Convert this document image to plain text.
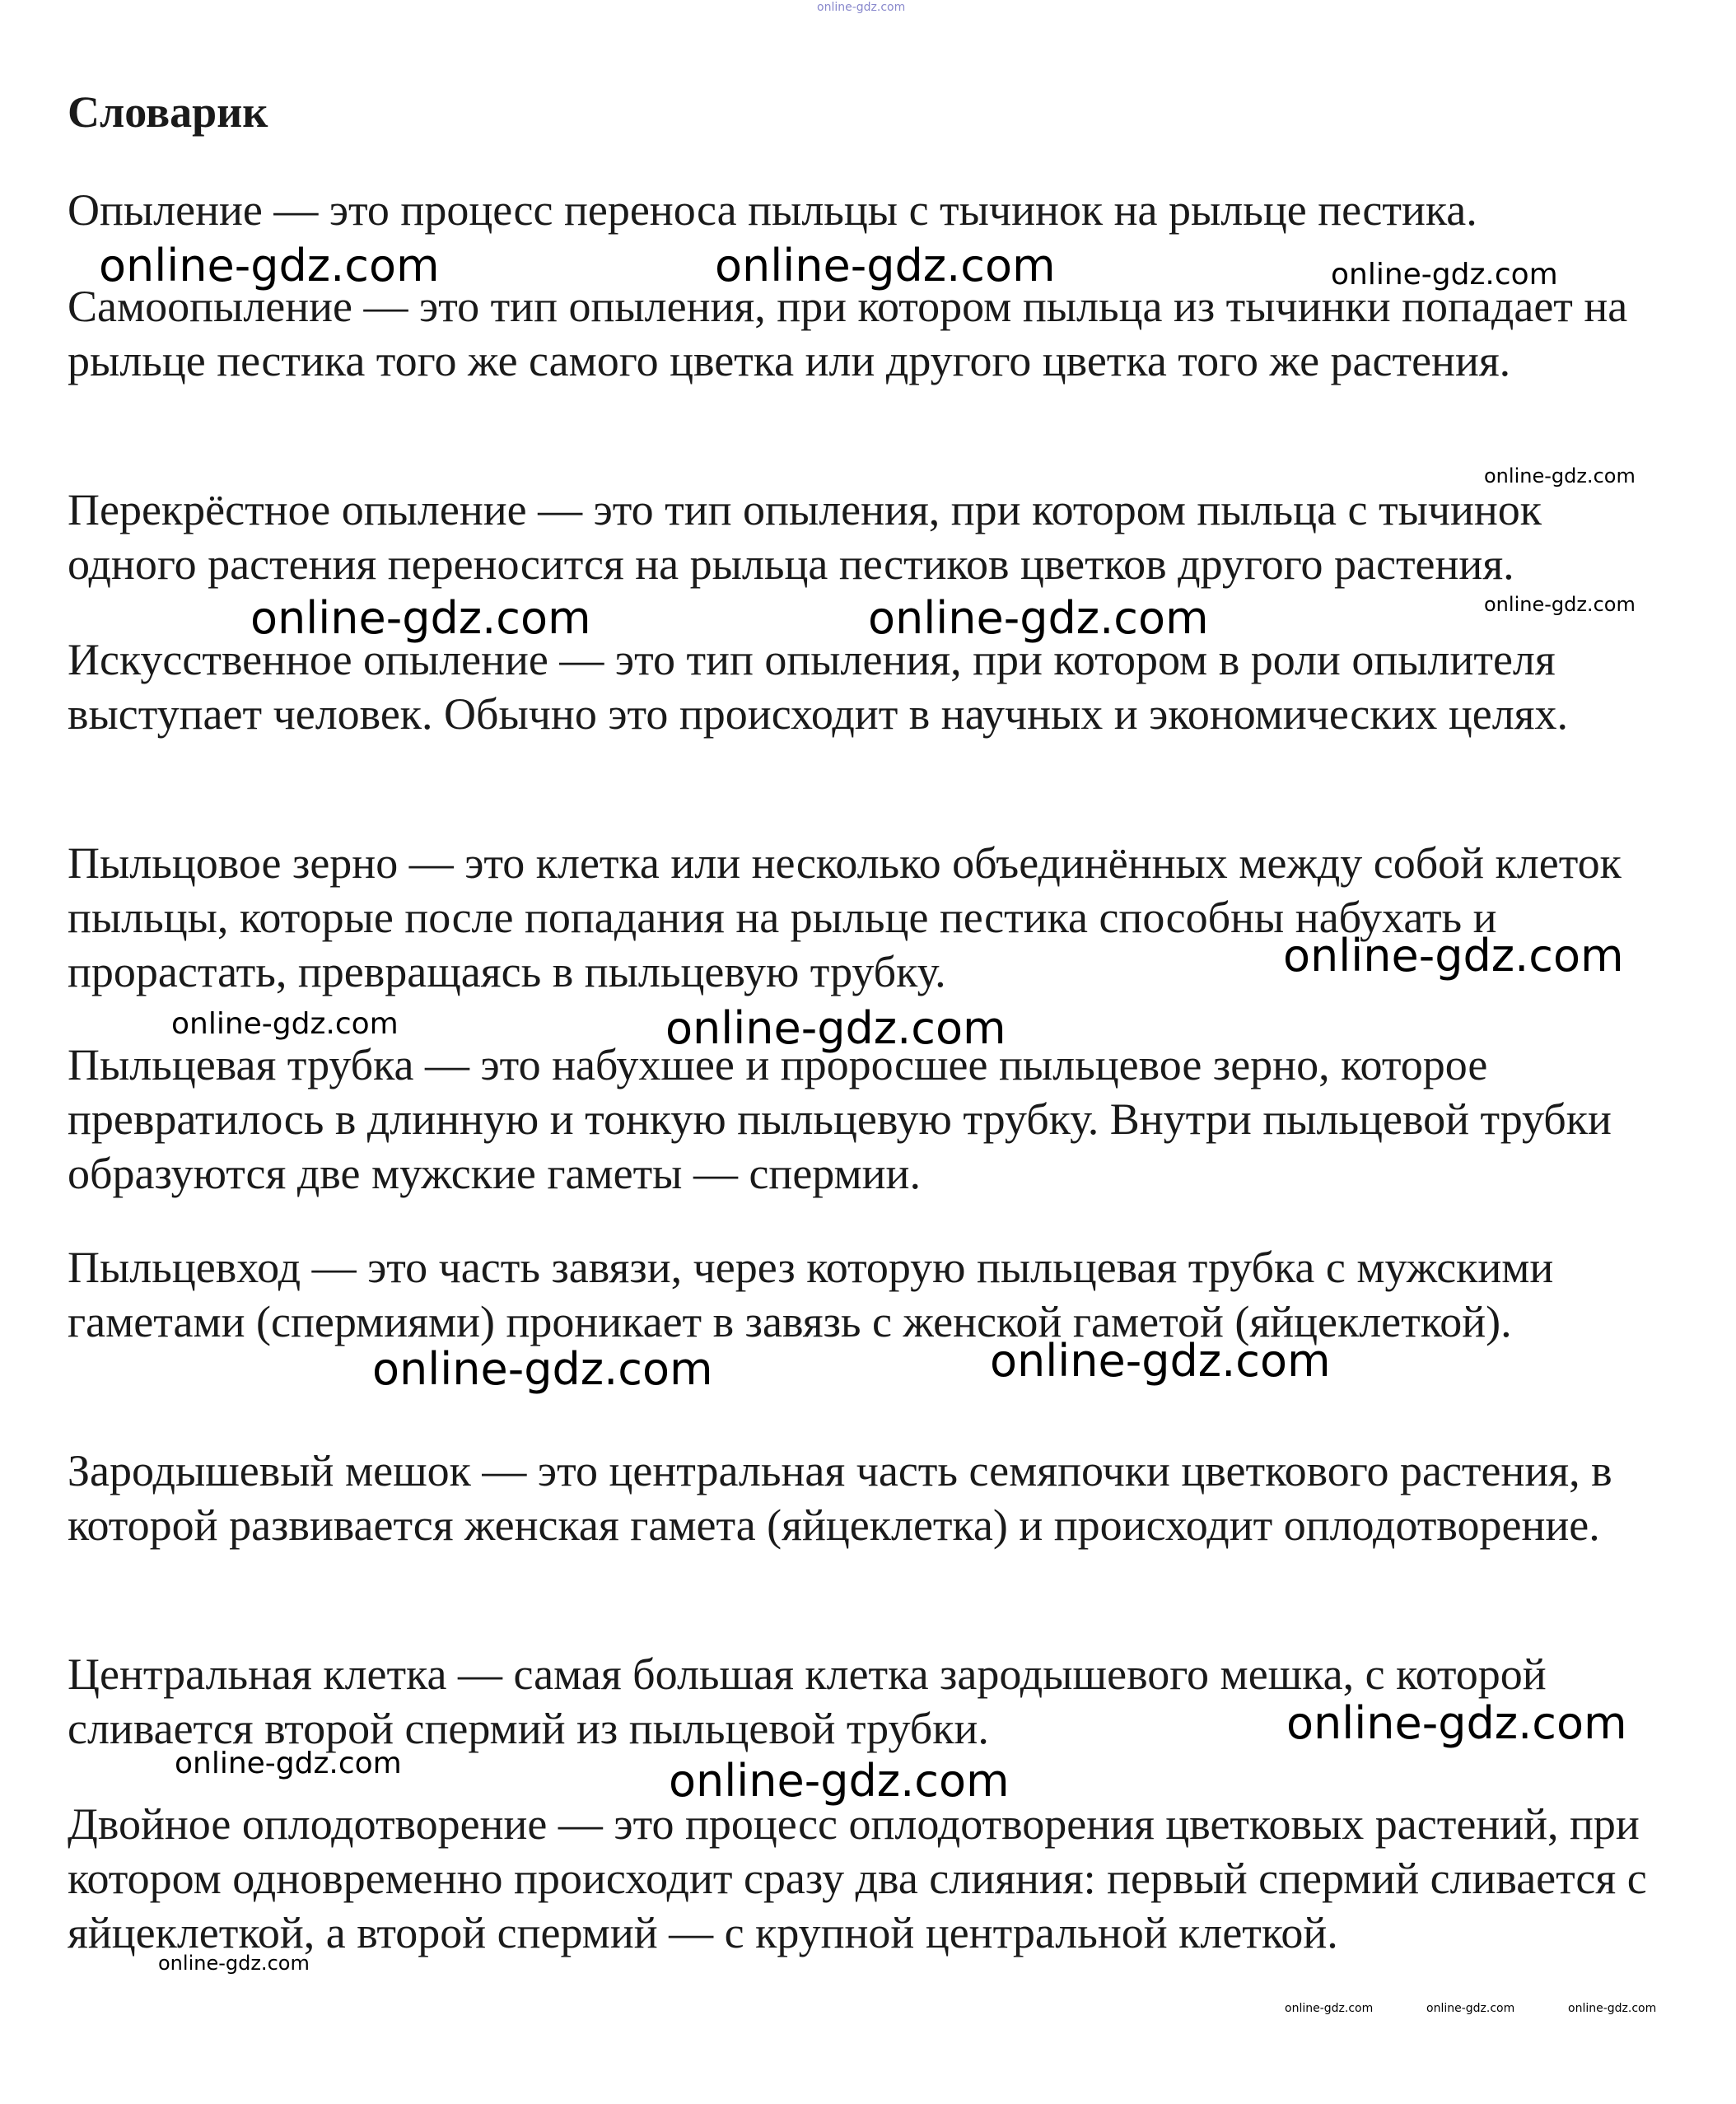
online-gdz.com
Словарик

Опыление — это процесс переноса пыльцы с тычинок на рыльце пестика.

Самоопыление — это тип опыления, при котором пыльца из тычинки попадает на рыльце пестика того же самого цветка или другого цветка того же растения.

Перекрёстное опыление — это тип опыления, при котором пыльца с тычинок одного растения переносится на рыльца пестиков цветков другого растения.

Искусственное опыление — это тип опыления, при котором в роли опылителя выступает человек. Обычно это происходит в научных и экономических целях.

Пыльцовое зерно — это клетка или несколько объединённых между собой клеток пыльцы, которые после попадания на рыльце пестика способны набухать и прорастать, превращаясь в пыльцевую трубку.

Пыльцевая трубка — это набухшее и проросшее пыльцевое зерно, которое превратилось в длинную и тонкую пыльцевую трубку. Внутри пыльцевой трубки образуются две мужские гаметы — спермии.

Пыльцевход — это часть завязи, через которую пыльцевая трубка с мужскими гаметами (спермиями) проникает в завязь с женской гаметой (яйцеклеткой).

Зародышевый мешок — это центральная часть семяпочки цветкового растения, в которой развивается женская гамета (яйцеклетка) и происходит оплодотворение.

Центральная клетка — самая большая клетка зародышевого мешка, с которой сливается второй спермий из пыльцевой трубки.

Двойное оплодотворение — это процесс оплодотворения цветковых растений, при котором одновременно происходит сразу два слияния: первый спермий сливается с яйцеклеткой, а второй спермий — с крупной центральной клеткой.

online-gdz.com	online-gdz.com	online-gdz.com
online-gdz.com
online-gdz.com	online-gdz.com	online-gdz.com
online-gdz.com
online-gdz.com	online-gdz.com
online-gdz.com	online-gdz.com
online-gdz.com
online-gdz.com	online-gdz.com
online-gdz.com
online-gdz.com	online-gdz.com	online-gdz.com
